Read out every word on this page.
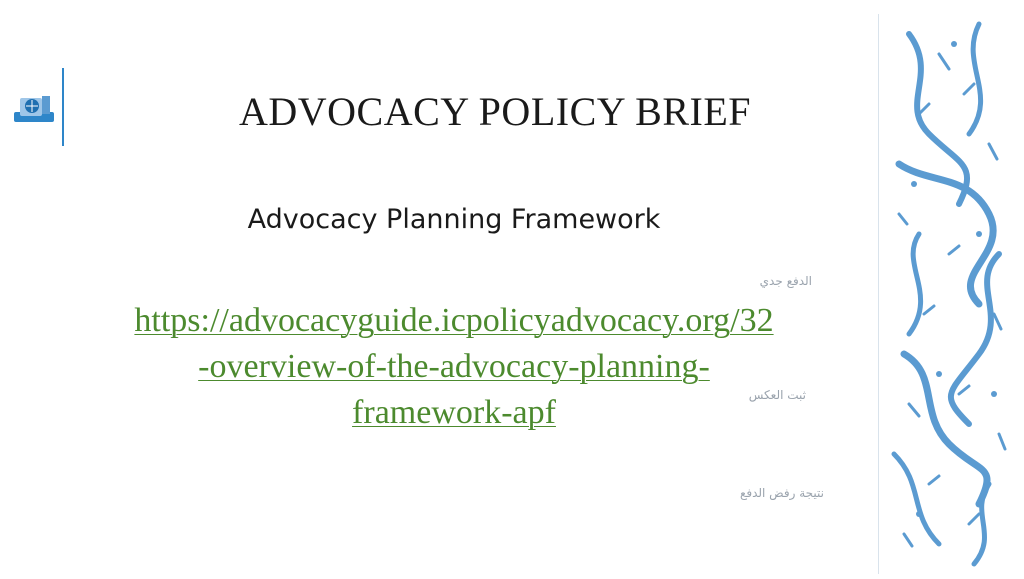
ADVOCACY POLICY BRIEF
Advocacy Planning Framework
https://advocacyguide.icpolicyadvocacy.org/32
-overview-of-the-advocacy-planning-
framework-apf
الدفع جدي
ثبت العكس
نتيجة رفض الدفع
